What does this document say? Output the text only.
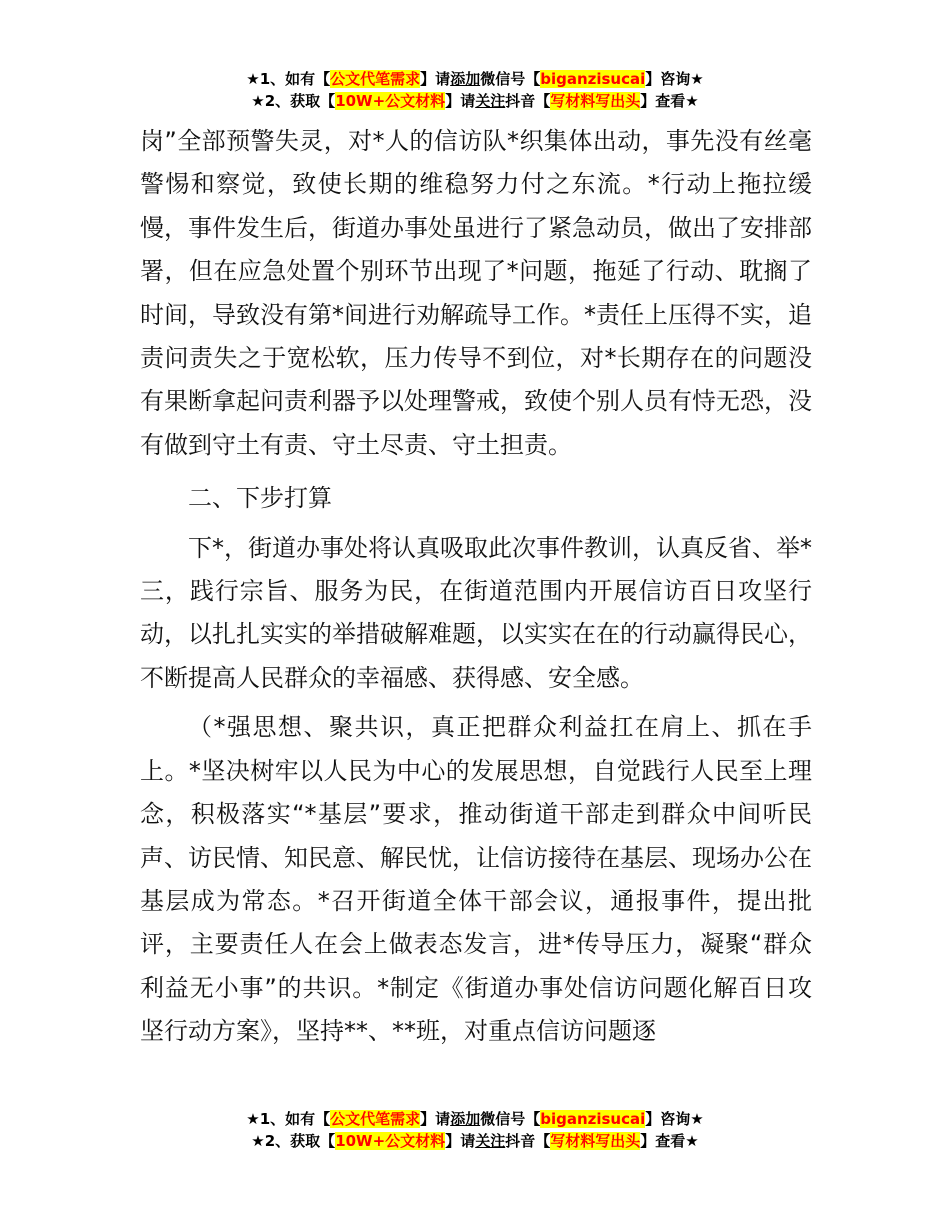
★1、如有【公文代笔需求】请添加微信号【biganzisucai】咨询★
★2、获取【10W+公文材料】请关注抖音【写材料写出头】查看★

岗”全部预警失灵，对*人的信访队*织集体出动，事先没有丝毫警惕和察觉，致使长期的维稳努力付之东流。*行动上拖拉缓慢，事件发生后，街道办事处虽进行了紧急动员，做出了安排部署，但在应急处置个别环节出现了*问题，拖延了行动、耽搁了时间，导致没有第*间进行劝解疏导工作。*责任上压得不实，追责问责失之于宽松软，压力传导不到位，对*长期存在的问题没有果断拿起问责利器予以处理警戒，致使个别人员有恃无恐，没有做到守土有责、守土尽责、守土担责。

二、下步打算

下*，街道办事处将认真吸取此次事件教训，认真反省、举*三，践行宗旨、服务为民，在街道范围内开展信访百日攻坚行动，以扎扎实实的举措破解难题，以实实在在的行动赢得民心，不断提高人民群众的幸福感、获得感、安全感。

（*强思想、聚共识，真正把群众利益扛在肩上、抓在手上。*坚决树牢以人民为中心的发展思想，自觉践行人民至上理念，积极落实“*基层”要求，推动街道干部走到群众中间听民声、访民情、知民意、解民忧，让信访接待在基层、现场办公在基层成为常态。*召开街道全体干部会议，通报事件，提出批评，主要责任人在会上做表态发言，进*传导压力，凝聚“群众利益无小事”的共识。*制定《街道办事处信访问题化解百日攻坚行动方案》，坚持**、**班，对重点信访问题逐

★1、如有【公文代笔需求】请添加微信号【biganzisucai】咨询★
★2、获取【10W+公文材料】请关注抖音【写材料写出头】查看★
